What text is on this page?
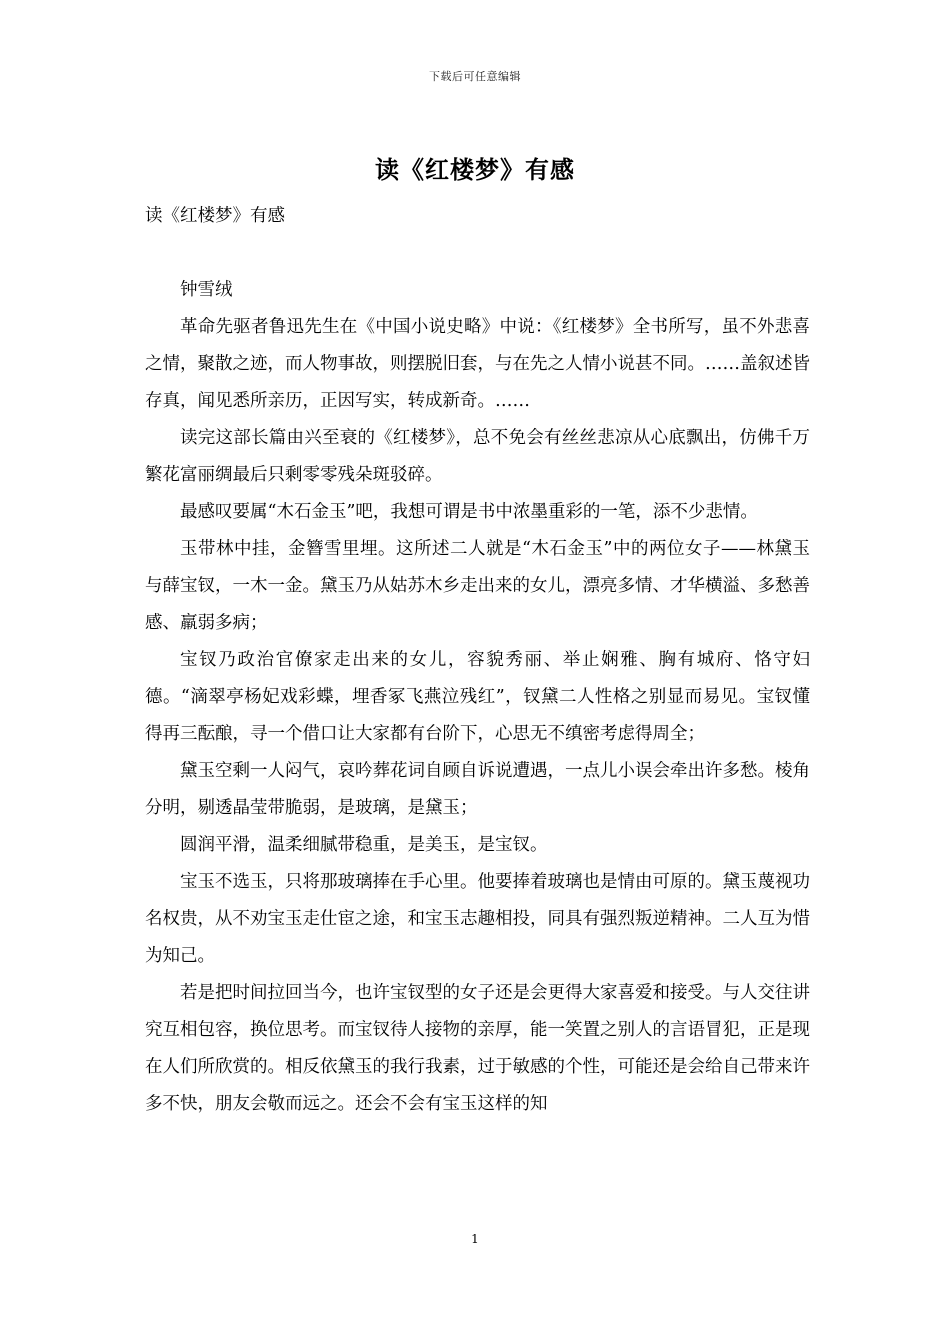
下载后可任意编辑
读《红楼梦》有感

读《红楼梦》有感

钟雪绒

革命先驱者鲁迅先生在《中国小说史略》中说：《红楼梦》全书所写，虽不外悲喜之情，聚散之迹，而人物事故，则摆脱旧套，与在先之人情小说甚不同。……盖叙述皆存真，闻见悉所亲历，正因写实，转成新奇。……

读完这部长篇由兴至衰的《红楼梦》，总不免会有丝丝悲凉从心底飘出，仿佛千万繁花富丽绸最后只剩零零残朵斑驳碎。

最感叹要属“木石金玉”吧，我想可谓是书中浓墨重彩的一笔，添不少悲情。

玉带林中挂，金簪雪里埋。这所述二人就是“木石金玉”中的两位女子——林黛玉与薛宝钗，一木一金。黛玉乃从姑苏木乡走出来的女儿，漂亮多情、才华横溢、多愁善感、羸弱多病；

宝钗乃政治官僚家走出来的女儿，容貌秀丽、举止娴雅、胸有城府、恪守妇德。“滴翠亭杨妃戏彩蝶，埋香冢飞燕泣残红”，钗黛二人性格之别显而易见。宝钗懂得再三酝酿，寻一个借口让大家都有台阶下，心思无不缜密考虑得周全；

黛玉空剩一人闷气，哀吟葬花词自顾自诉说遭遇，一点儿小误会牵出许多愁。棱角分明，剔透晶莹带脆弱，是玻璃，是黛玉；

圆润平滑，温柔细腻带稳重，是美玉，是宝钗。

宝玉不选玉，只将那玻璃捧在手心里。他要捧着玻璃也是情由可原的。黛玉蔑视功名权贵，从不劝宝玉走仕宦之途，和宝玉志趣相投，同具有强烈叛逆精神。二人互为惜为知己。

若是把时间拉回当今，也许宝钗型的女子还是会更得大家喜爱和接受。与人交往讲究互相包容，换位思考。而宝钗待人接物的亲厚，能一笑置之别人的言语冒犯，正是现在人们所欣赏的。相反依黛玉的我行我素，过于敏感的个性，可能还是会给自己带来许多不快，朋友会敬而远之。还会不会有宝玉这样的知

1
